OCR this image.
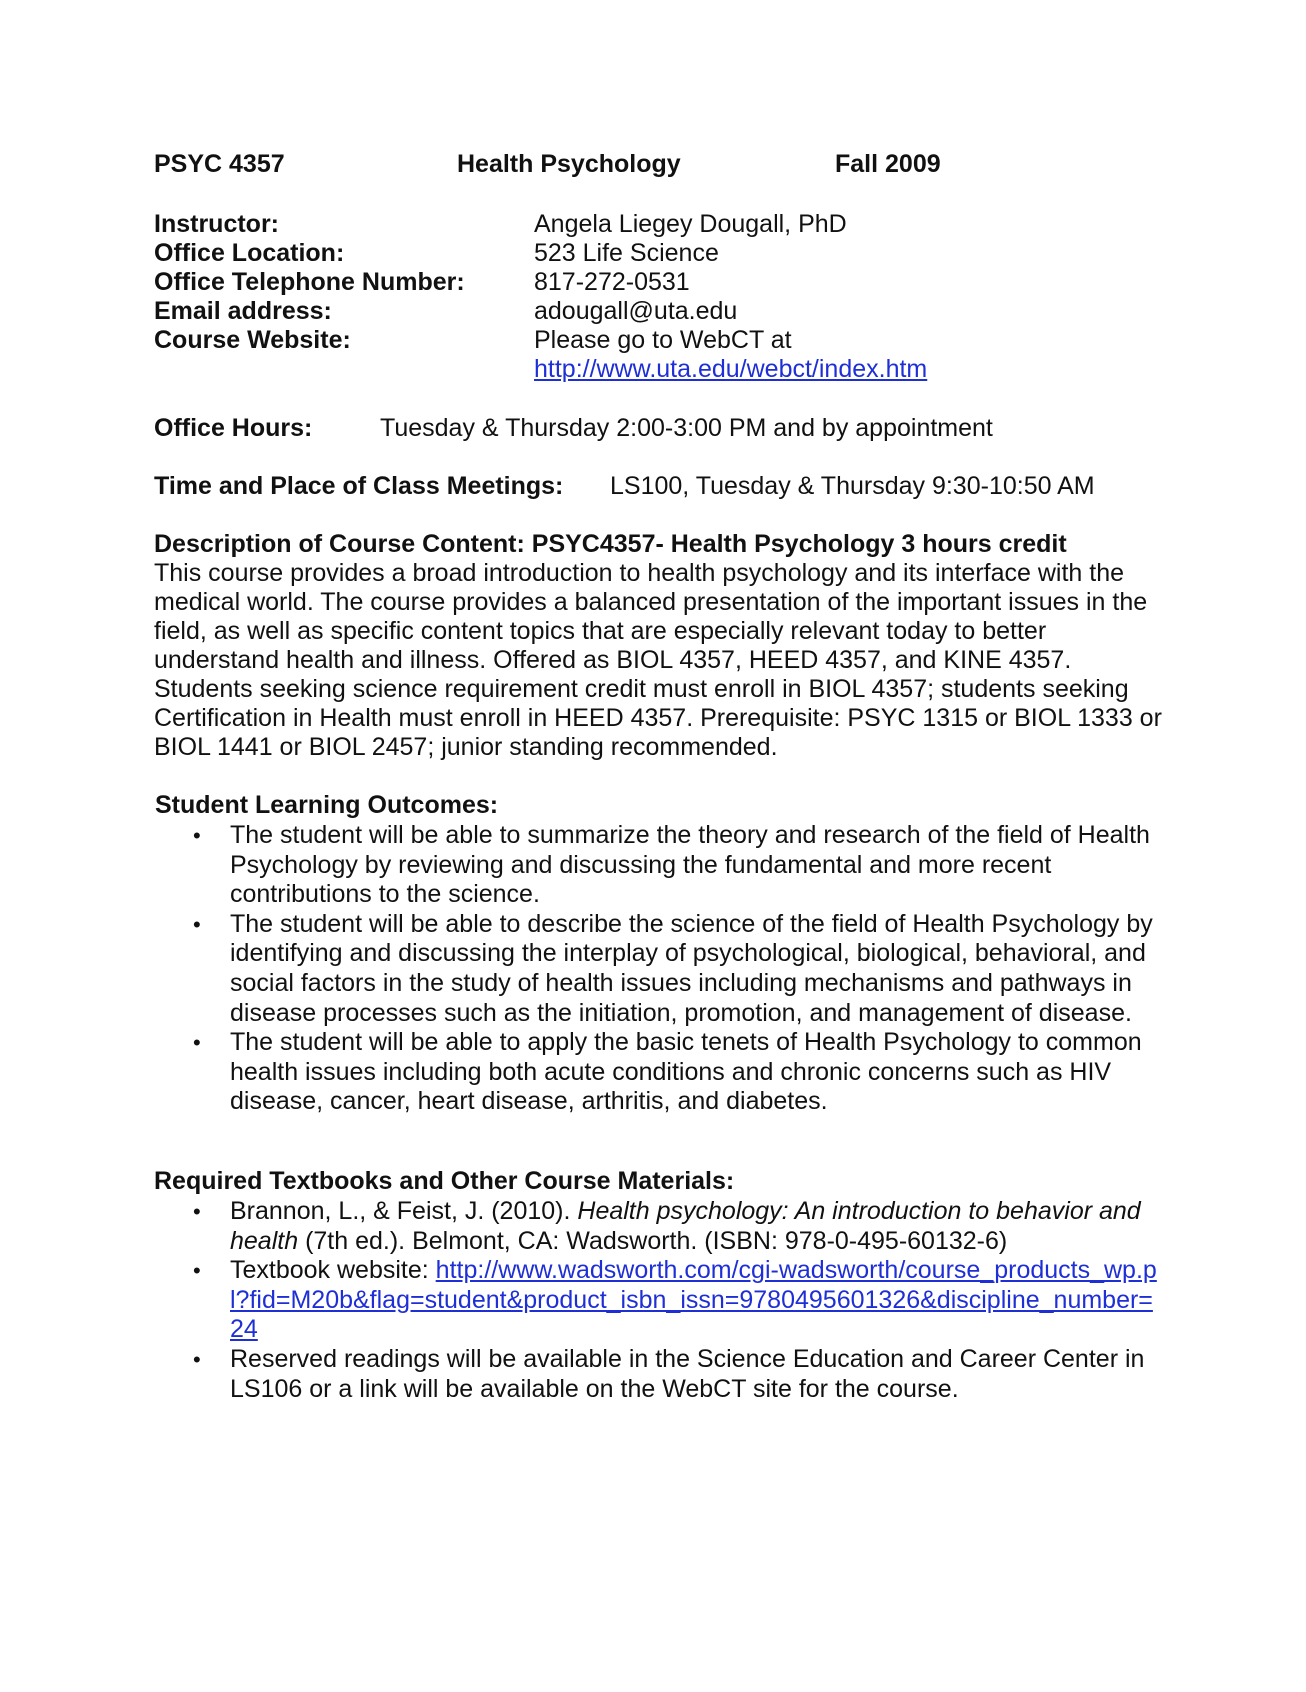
PSYC 4357	Health Psychology	Fall 2009
Instructor:	Angela Liegey Dougall, PhD
Office Location:	523 Life Science
Office Telephone Number:	817-272-0531
Email address:	adougall@uta.edu
Course Website:	Please go to WebCT at
http://www.uta.edu/webct/index.htm
Office Hours:	Tuesday & Thursday 2:00-3:00 PM and by appointment
Time and Place of Class Meetings: LS100, Tuesday & Thursday 9:30-10:50 AM
Description of Course Content: PSYC4357- Health Psychology 3 hours credit
This course provides a broad introduction to health psychology and its interface with the medical world. The course provides a balanced presentation of the important issues in the field, as well as specific content topics that are especially relevant today to better understand health and illness. Offered as BIOL 4357, HEED 4357, and KINE 4357. Students seeking science requirement credit must enroll in BIOL 4357; students seeking Certification in Health must enroll in HEED 4357. Prerequisite: PSYC 1315 or BIOL 1333 or BIOL 1441 or BIOL 2457; junior standing recommended.
Student Learning Outcomes:
• The student will be able to summarize the theory and research of the field of Health Psychology by reviewing and discussing the fundamental and more recent contributions to the science.
• The student will be able to describe the science of the field of Health Psychology by identifying and discussing the interplay of psychological, biological, behavioral, and social factors in the study of health issues including mechanisms and pathways in disease processes such as the initiation, promotion, and management of disease.
• The student will be able to apply the basic tenets of Health Psychology to common health issues including both acute conditions and chronic concerns such as HIV disease, cancer, heart disease, arthritis, and diabetes.
Required Textbooks and Other Course Materials:
• Brannon, L., & Feist, J. (2010). Health psychology: An introduction to behavior and health (7th ed.). Belmont, CA: Wadsworth. (ISBN: 978-0-495-60132-6)
• Textbook website: http://www.wadsworth.com/cgi-wadsworth/course_products_wp.pl?fid=M20b&flag=student&product_isbn_issn=9780495601326&discipline_number=24
• Reserved readings will be available in the Science Education and Career Center in LS106 or a link will be available on the WebCT site for the course.
